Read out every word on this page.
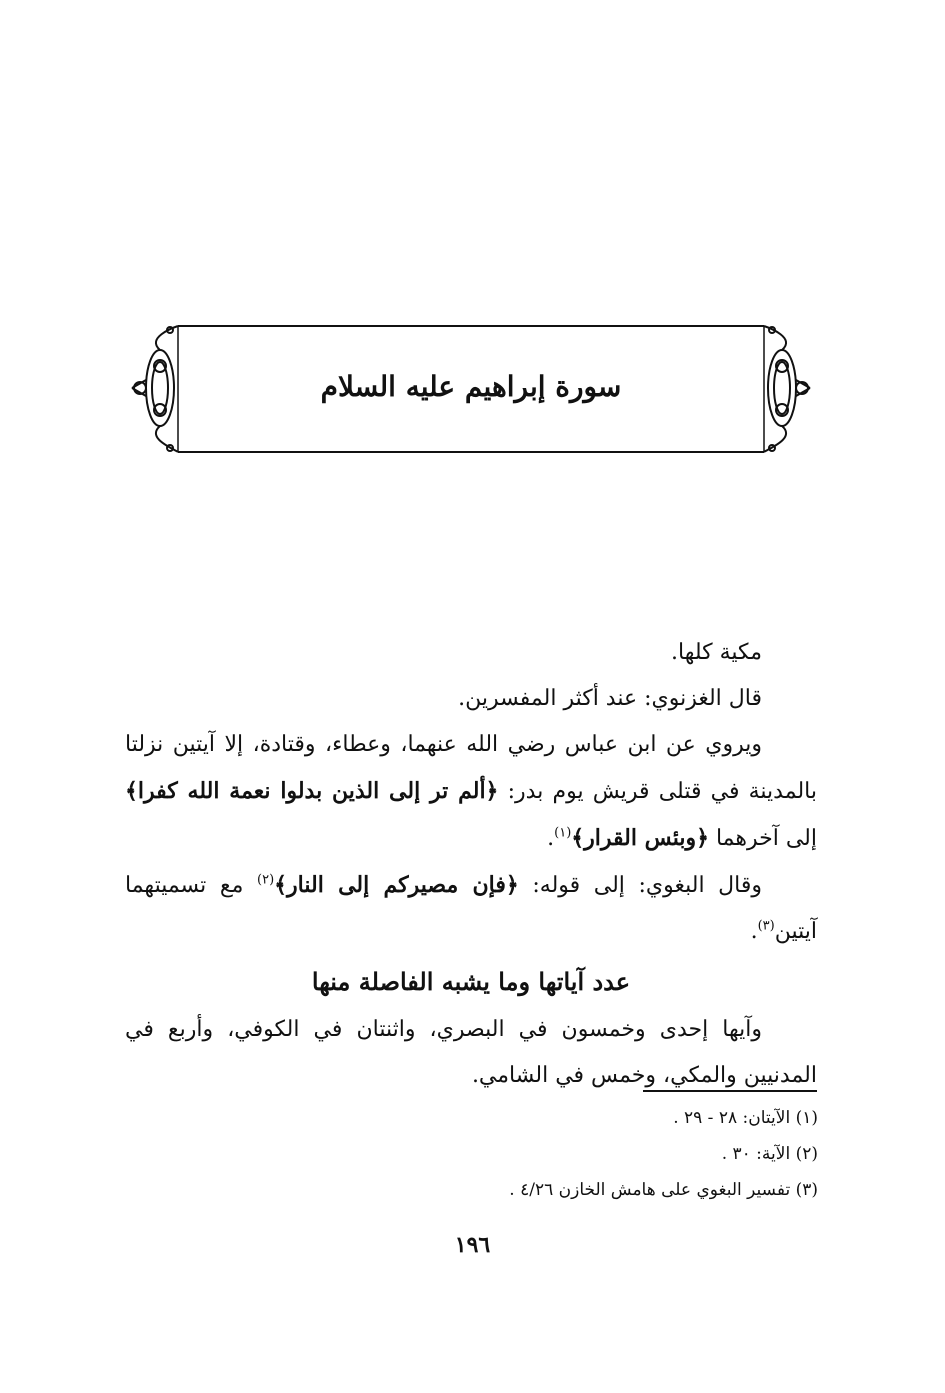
سورة إبراهيم عليه السلام

مكية كلها.

قال الغزنوي: عند أكثر المفسرين.

ويروي عن ابن عباس رضي الله عنهما، وعطاء، وقتادة، إلا آيتين نزلتا بالمدينة في قتلى قريش يوم بدر: ﴿ألم تر إلى الذين بدلوا نعمة الله كفرا﴾ إلى آخرهما ﴿وبئس القرار﴾$^{(١)}$.

وقال البغوي: إلى قوله: ﴿فإن مصيركم إلى النار﴾$^{(٢)}$ مع تسميتهما آيتين$^{(٣)}$.

عدد آياتها وما يشبه الفاصلة منها

وآيها إحدى وخمسون في البصري، واثنتان في الكوفي، وأربع في المدنيين والمكي، وخمس في الشامي.

(١) الآيتان: ٢٨ - ٢٩ .
(٢) الآية: ٣٠ .
(٣) تفسير البغوي على هامش الخازن ٤/٢٦ .
١٩٦
